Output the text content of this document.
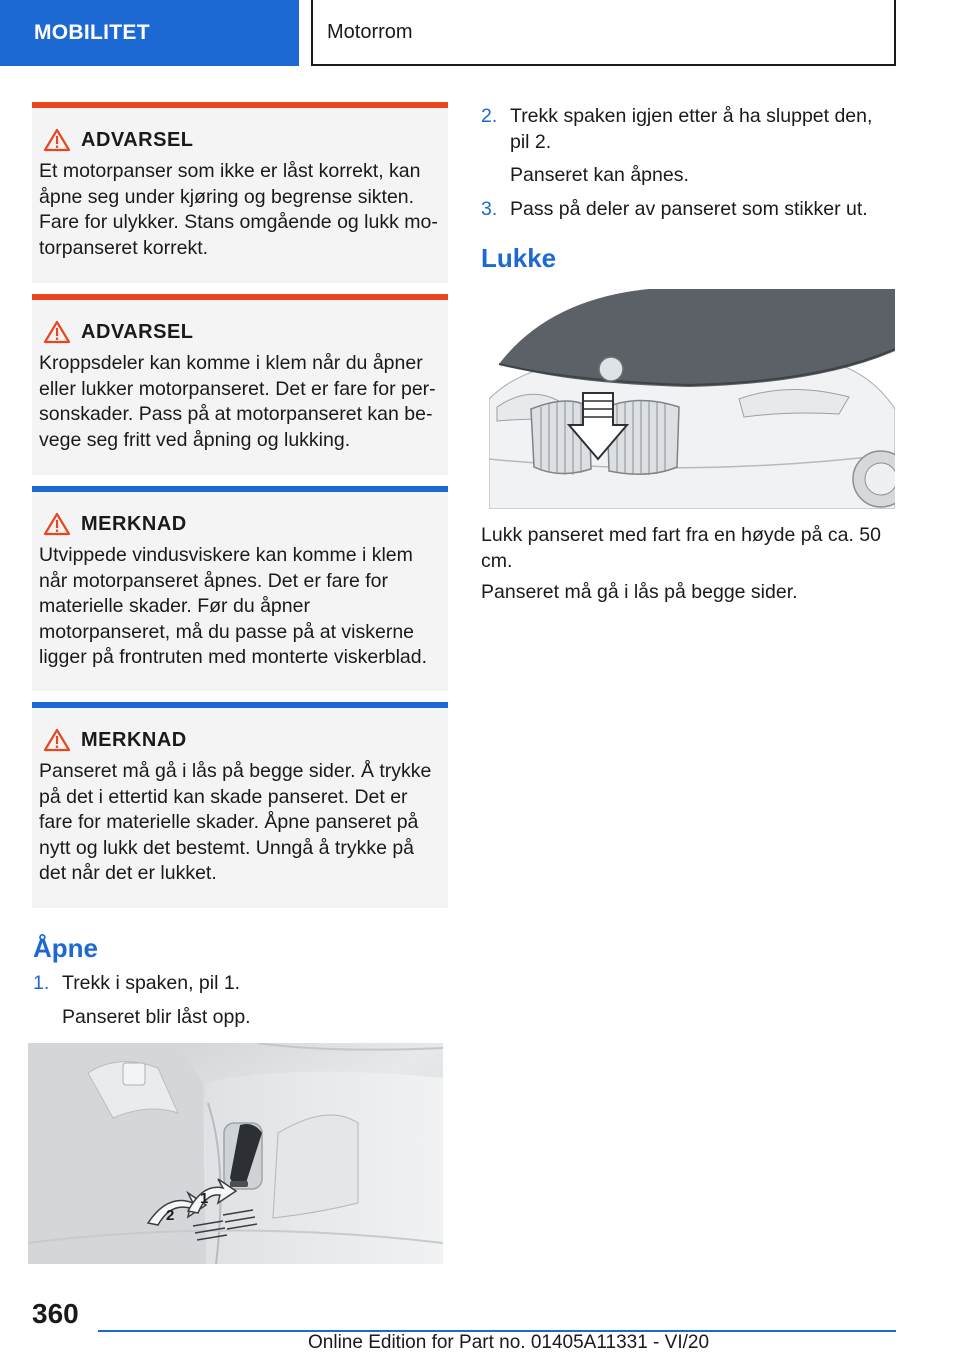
MOBILITET	Motorrom
ADVARSEL
Et motorpanser som ikke er låst korrekt, kan åpne seg under kjøring og begrense sikten. Fare for ulykker. Stans omgående og lukk motorpanseret korrekt.
ADVARSEL
Kroppsdeler kan komme i klem når du åpner eller lukker motorpanseret. Det er fare for personskader. Pass på at motorpanseret kan bevege seg fritt ved åpning og lukking.
MERKNAD
Utvippede vindusviskere kan komme i klem når motorpanseret åpnes. Det er fare for materielle skader. Før du åpner motorpanseret, må du passe på at viskerne ligger på frontruten med monterte viskerblad.
MERKNAD
Panseret må gå i lås på begge sider. Å trykke på det i ettertid kan skade panseret. Det er fare for materielle skader. Åpne panseret på nytt og lukk det bestemt. Unngå å trykke på det når det er lukket.
Åpne
1. Trekk i spaken, pil 1.
Panseret blir låst opp.
2
1
2. Trekk spaken igjen etter å ha sluppet den, pil 2.
Panseret kan åpnes.
3. Pass på deler av panseret som stikker ut.
Lukke
Lukk panseret med fart fra en høyde på ca. 50 cm.
Panseret må gå i lås på begge sider.
360
Online Edition for Part no. 01405A11331 - VI/20
